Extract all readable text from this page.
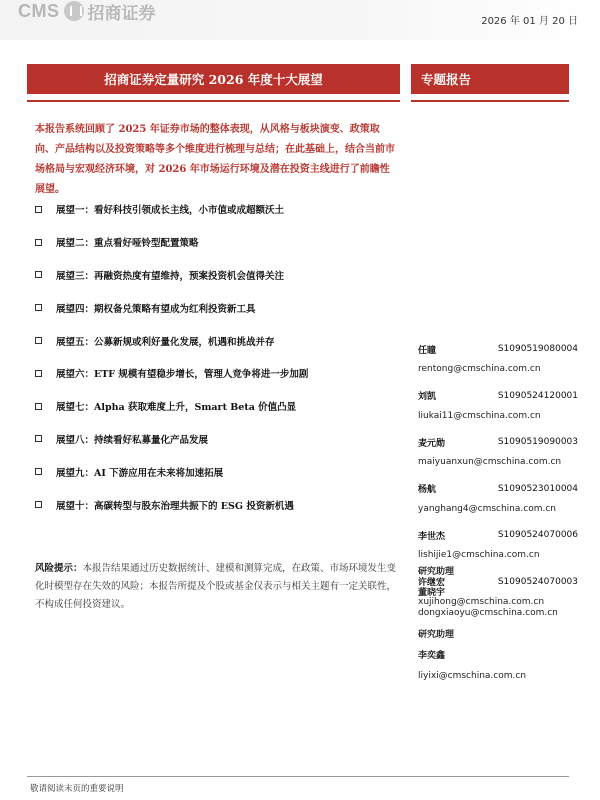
CMS 招商证券	2026 年 01 月 20 日
招商证券定量研究 2026 年度十大展望	专题报告
本报告系统回顾了 2025 年证券市场的整体表现，从风格与板块演变、政策取向、产品结构以及投资策略等多个维度进行梳理与总结；在此基础上，结合当前市场格局与宏观经济环境，对 2026 年市场运行环境及潜在投资主线进行了前瞻性展望。
展望一：看好科技引领成长主线，小市值或成超额沃土
展望二：重点看好哑铃型配置策略
展望三：再融资热度有望维持，预案投资机会值得关注
展望四：期权备兑策略有望成为红利投资新工具
展望五：公募新规或利好量化发展，机遇和挑战并存
展望六：ETF 规模有望稳步增长，管理人竞争将进一步加剧
展望七：Alpha 获取难度上升，Smart Beta 价值凸显
展望八：持续看好私募量化产品发展
展望九：AI 下游应用在未来将加速拓展
展望十：高碳转型与股东治理共振下的 ESG 投资新机遇
风险提示：本报告结果通过历史数据统计、建模和测算完成，在政策、市场环境发生变化时模型存在失效的风险；本报告所提及个股或基金仅表示与相关主题有一定关联性，不构成任何投资建议。
任瞳	S1090519080004
rentong@cmschina.com.cn
刘凯	S1090524120001
liukai11@cmschina.com.cn
麦元勋	S1090519090003
maiyuanxun@cmschina.com.cn
杨航	S1090523010004
yanghang4@cmschina.com.cn
李世杰	S1090524070006
lishijie1@cmschina.com.cn
许继宏	S1090524070003
xujihong@cmschina.com.cn
研究助理
董晓宇
dongxiaoyu@cmschina.com.cn
研究助理
李奕鑫
liyixi@cmschina.com.cn
敬请阅读末页的重要说明
